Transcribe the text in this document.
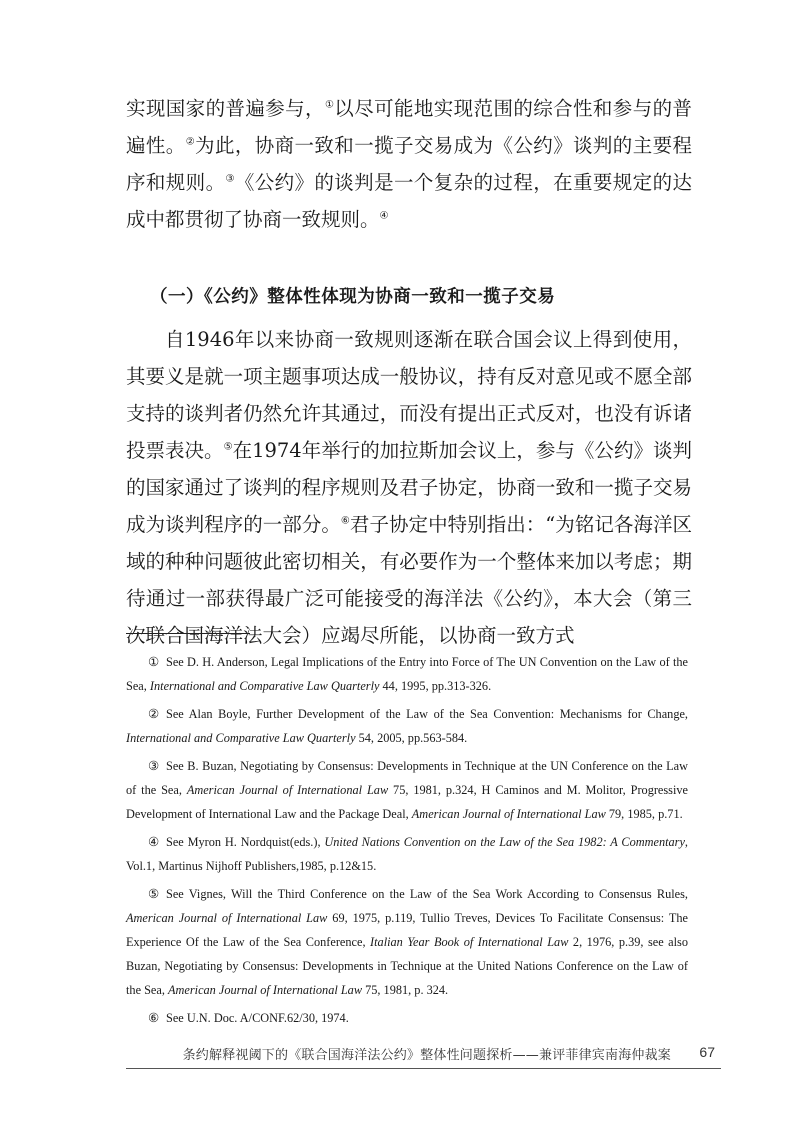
实现国家的普遍参与，①以尽可能地实现范围的综合性和参与的普遍性。②为此，协商一致和一揽子交易成为《公约》谈判的主要程序和规则。③《公约》的谈判是一个复杂的过程，在重要规定的达成中都贯彻了协商一致规则。④

（一）《公约》整体性体现为协商一致和一揽子交易

自1946年以来协商一致规则逐渐在联合国会议上得到使用，其要义是就一项主题事项达成一般协议，持有反对意见或不愿全部支持的谈判者仍然允许其通过，而没有提出正式反对，也没有诉诸投票表决。⑤在1974年举行的加拉斯加会议上，参与《公约》谈判的国家通过了谈判的程序规则及君子协定，协商一致和一揽子交易成为谈判程序的一部分。⑥君子协定中特别指出：“为铭记各海洋区域的种种问题彼此密切相关，有必要作为一个整体来加以考虑；期待通过一部获得最广泛可能接受的海洋法《公约》，本大会（第三次联合国海洋法大会）应竭尽所能，以协商一致方式

① See D. H. Anderson, Legal Implications of the Entry into Force of The UN Convention on the Law of the Sea, International and Comparative Law Quarterly 44, 1995, pp.313-326.

② See Alan Boyle, Further Development of the Law of the Sea Convention: Mechanisms for Change, International and Comparative Law Quarterly 54, 2005, pp.563-584.

③ See B. Buzan, Negotiating by Consensus: Developments in Technique at the UN Conference on the Law of the Sea, American Journal of International Law 75, 1981, p.324, H Caminos and M. Molitor, Progressive Development of International Law and the Package Deal, American Journal of International Law 79, 1985, p.71.

④ See Myron H. Nordquist(eds.), United Nations Convention on the Law of the Sea 1982: A Commentary, Vol.1, Martinus Nijhoff Publishers,1985, p.12&15.

⑤ See Vignes, Will the Third Conference on the Law of the Sea Work According to Consensus Rules, American Journal of International Law 69, 1975, p.119, Tullio Treves, Devices To Facilitate Consensus: The Experience Of the Law of the Sea Conference, Italian Year Book of International Law 2, 1976, p.39, see also Buzan, Negotiating by Consensus: Developments in Technique at the United Nations Conference on the Law of the Sea, American Journal of International Law 75, 1981, p. 324.

⑥ See U.N. Doc. A/CONF.62/30, 1974.

条约解释视阈下的《联合国海洋法公约》整体性问题探析——兼评菲律宾南海仲裁案 67
